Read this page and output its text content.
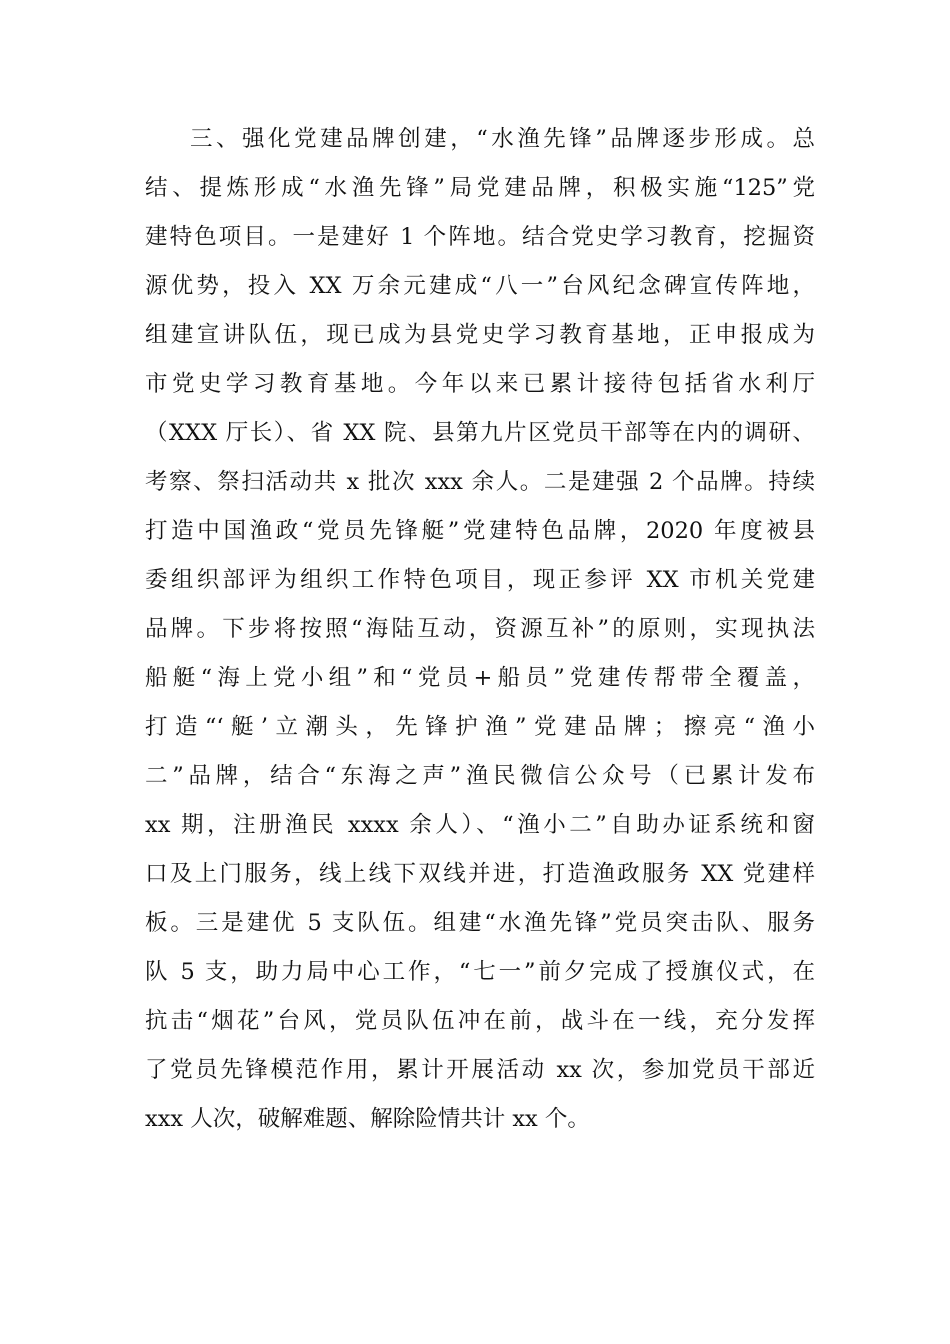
三、强化党建品牌创建，“水渔先锋”品牌逐步形成。总
结、提炼形成“水渔先锋”局党建品牌，积极实施“125”党
建特色项目。一是建好 1 个阵地。结合党史学习教育，挖掘资
源优势，投入 XX 万余元建成“八一”台风纪念碑宣传阵地，
组建宣讲队伍，现已成为县党史学习教育基地，正申报成为
市党史学习教育基地。今年以来已累计接待包括省水利厅
（XXX 厅长）、省 XX 院、县第九片区党员干部等在内的调研、
考察、祭扫活动共 x 批次 xxx 余人。二是建强 2 个品牌。持续
打造中国渔政“党员先锋艇”党建特色品牌，2020 年度被县
委组织部评为组织工作特色项目，现正参评 XX 市机关党建
品牌。下步将按照“海陆互动，资源互补”的原则，实现执法
船艇“海上党小组”和“党员+船员”党建传帮带全覆盖，
打造“‘艇’立潮头，先锋护渔”党建品牌；擦亮“渔小
二”品牌，结合“东海之声”渔民微信公众号（已累计发布
xx 期，注册渔民 xxxx 余人）、“渔小二”自助办证系统和窗
口及上门服务，线上线下双线并进，打造渔政服务 XX 党建样
板。三是建优 5 支队伍。组建“水渔先锋”党员突击队、服务
队 5 支，助力局中心工作，“七一”前夕完成了授旗仪式，在
抗击“烟花”台风，党员队伍冲在前，战斗在一线，充分发挥
了党员先锋模范作用，累计开展活动 xx 次，参加党员干部近
xxx 人次，破解难题、解除险情共计 xx 个。
